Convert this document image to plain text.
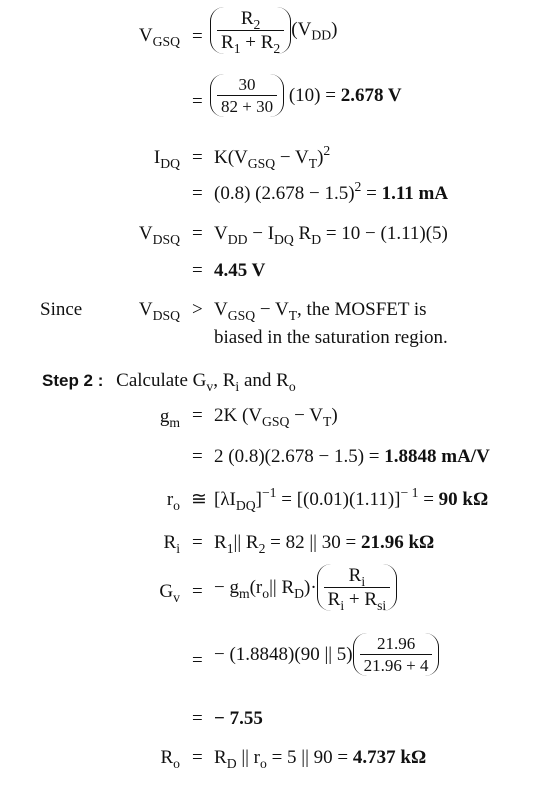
$V_{GSQ} = \frac{R_2}{R_1 + R_2} (V_{DD})$
= $\frac{30}{82 + 30} (10) = 2.678$ V
$I_{DQ} = K(V_{GSQ} - V_T)^2$
= (0.8) $(2.678 - 1.5)^2 = 1.11$ mA
$V_{DSQ} = V_{DD} - I_{DQ}$ $R_D = 10 - (1.11)(5)$
= 4.45 V
Since	$V_{DSQ} > V_{GSQ} - V_T$, the MOSFET is
biased in the saturation region.
Step 2 : Calculate $G_v$, $R_i$ and $R_o$
$g_m = 2K$ $(V_{GSQ} - V_T)$
= 2 (0.8)(2.678 − 1.5) = 1.8848 mA/V
$r_o$ ≅ $[\lambda I_{DQ}]^{-1} = [(0.01)(1.11)]^{- 1} = 90$ kΩ
$R_i = R_1||$ $R_2 = 82$ || 30 = 21.96 kΩ
$G_v$ = − $g_m(r_o||$ $R_D)\cdot \frac{R_i}{R_i + R_{si}}$
= − (1.8848)(90 || $5) \frac{21.96}{21.96 + 4}$
= − 7.55
$R_o = R_D$ || $r_o = 5$ || 90 = 4.737 kΩ
